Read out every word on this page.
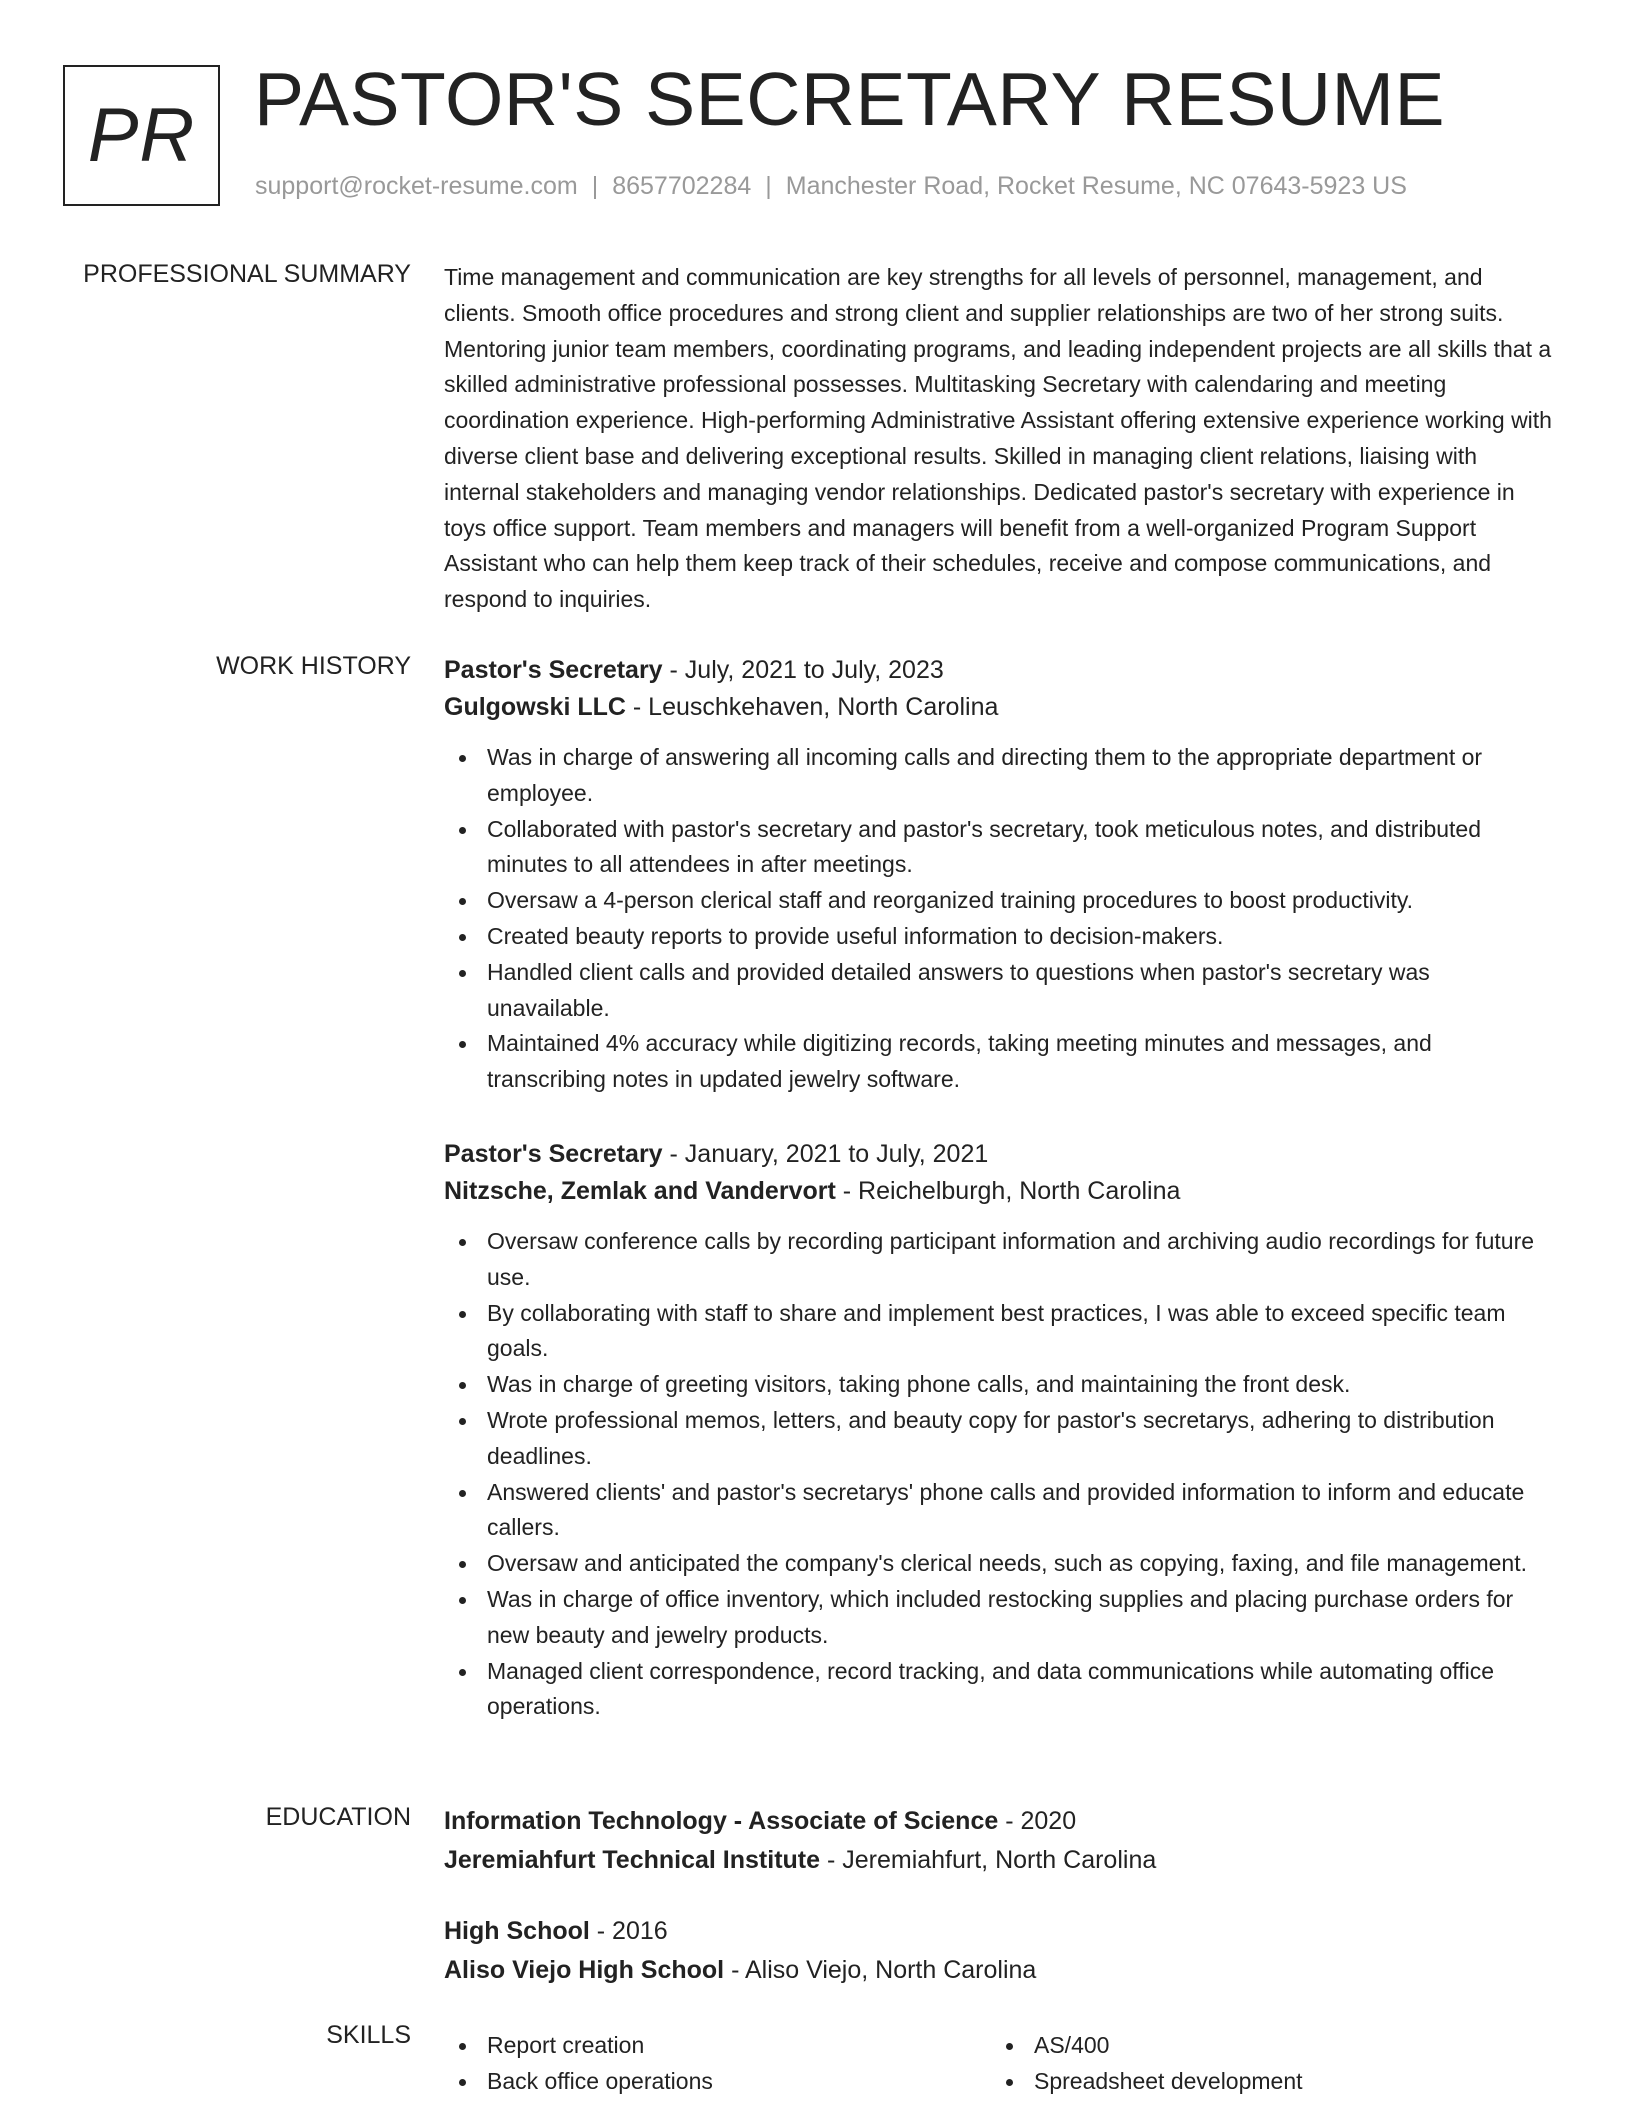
PR PASTOR'S SECRETARY RESUME
support@rocket-resume.com | 8657702284 | Manchester Road, Rocket Resume, NC 07643-5923 US
PROFESSIONAL SUMMARY Time management and communication are key strengths for all levels of personnel, management, and clients. Smooth office procedures and strong client and supplier relationships are two of her strong suits. Mentoring junior team members, coordinating programs, and leading independent projects are all skills that a skilled administrative professional possesses. Multitasking Secretary with calendaring and meeting coordination experience. High-performing Administrative Assistant offering extensive experience working with diverse client base and delivering exceptional results. Skilled in managing client relations, liaising with internal stakeholders and managing vendor relationships. Dedicated pastor's secretary with experience in toys office support. Team members and managers will benefit from a well-organized Program Support Assistant who can help them keep track of their schedules, receive and compose communications, and respond to inquiries.

WORK HISTORY Pastor's Secretary - July, 2021 to July, 2023
Gulgowski LLC - Leuschkehaven, North Carolina
Was in charge of answering all incoming calls and directing them to the appropriate department or employee.
Collaborated with pastor's secretary and pastor's secretary, took meticulous notes, and distributed minutes to all attendees in after meetings.
Oversaw a 4-person clerical staff and reorganized training procedures to boost productivity.
Created beauty reports to provide useful information to decision-makers.
Handled client calls and provided detailed answers to questions when pastor's secretary was unavailable.
Maintained 4% accuracy while digitizing records, taking meeting minutes and messages, and transcribing notes in updated jewelry software.
Pastor's Secretary - January, 2021 to July, 2021
Nitzsche, Zemlak and Vandervort - Reichelburgh, North Carolina
Oversaw conference calls by recording participant information and archiving audio recordings for future use.
By collaborating with staff to share and implement best practices, I was able to exceed specific team goals.
Was in charge of greeting visitors, taking phone calls, and maintaining the front desk.
Wrote professional memos, letters, and beauty copy for pastor's secretarys, adhering to distribution deadlines.
Answered clients' and pastor's secretarys' phone calls and provided information to inform and educate callers.
Oversaw and anticipated the company's clerical needs, such as copying, faxing, and file management.
Was in charge of office inventory, which included restocking supplies and placing purchase orders for new beauty and jewelry products.
Managed client correspondence, record tracking, and data communications while automating office operations.
EDUCATION Information Technology - Associate of Science - 2020
Jeremiahfurt Technical Institute - Jeremiahfurt, North Carolina
High School - 2016
Aliso Viejo High School - Aliso Viejo, North Carolina
SKILLS	Report creation
Back office operations
AS/400
Spreadsheet development
